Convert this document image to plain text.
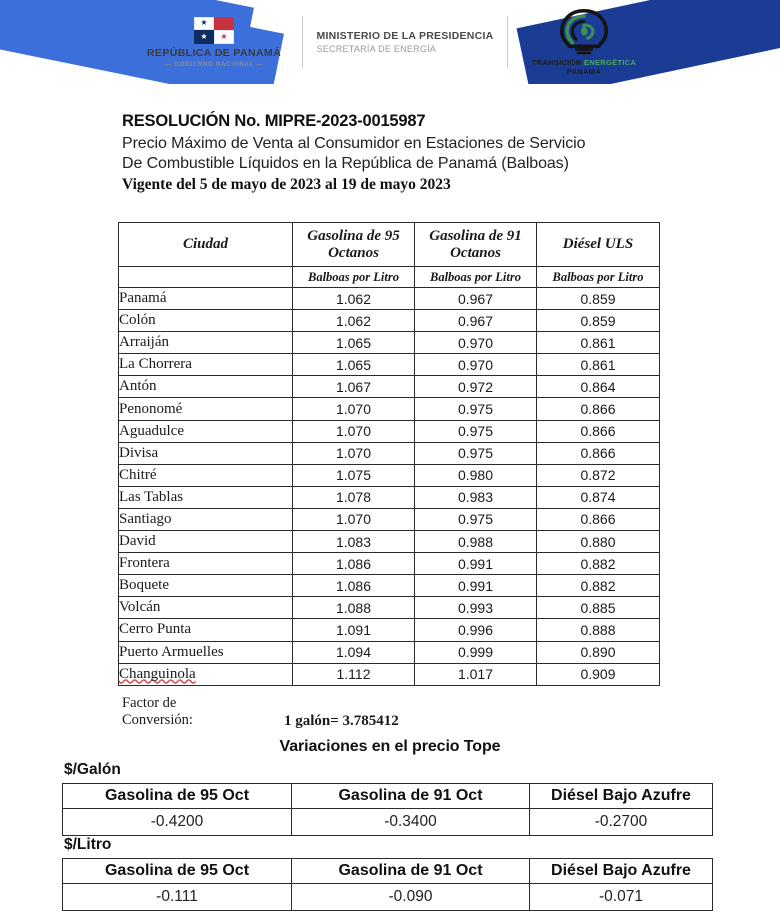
★
★ ★
REPÚBLICA DE PANAMÁ
— GOBIERNO NACIONAL —
MINISTERIO DE LA PRESIDENCIA
SECRETARÍA DE ENERGÍA
TRANSICIÓN ENERGÉTICA
PANAMÁ
RESOLUCIÓN No. MIPRE-2023-0015987
Precio Máximo de Venta al Consumidor en Estaciones de Servicio
De Combustible Líquidos en la República de Panamá (Balboas)
Vigente del 5 de mayo de 2023 al 19 de mayo 2023
Ciudad	Gasolina de 95 Octanos	Gasolina de 91 Octanos	Diésel ULS
	Balboas por Litro	Balboas por Litro	Balboas por Litro
Panamá	1.062	0.967	0.859
Colón	1.062	0.967	0.859
Arraiján	1.065	0.970	0.861
La Chorrera	1.065	0.970	0.861
Antón	1.067	0.972	0.864
Penonomé	1.070	0.975	0.866
Aguadulce	1.070	0.975	0.866
Divisa	1.070	0.975	0.866
Chitré	1.075	0.980	0.872
Las Tablas	1.078	0.983	0.874
Santiago	1.070	0.975	0.866
David	1.083	0.988	0.880
Frontera	1.086	0.991	0.882
Boquete	1.086	0.991	0.882
Volcán	1.088	0.993	0.885
Cerro Punta	1.091	0.996	0.888
Puerto Armuelles	1.094	0.999	0.890
Changuinola	1.112	1.017	0.909
Factor de
Conversión:	1 galón= 3.785412
Variaciones en el precio Tope
$/Galón
Gasolina de 95 Oct	Gasolina de 91 Oct	Diésel Bajo Azufre
-0.4200	-0.3400	-0.2700
$/Litro
Gasolina de 95 Oct	Gasolina de 91 Oct	Diésel Bajo Azufre
-0.111	-0.090	-0.071
